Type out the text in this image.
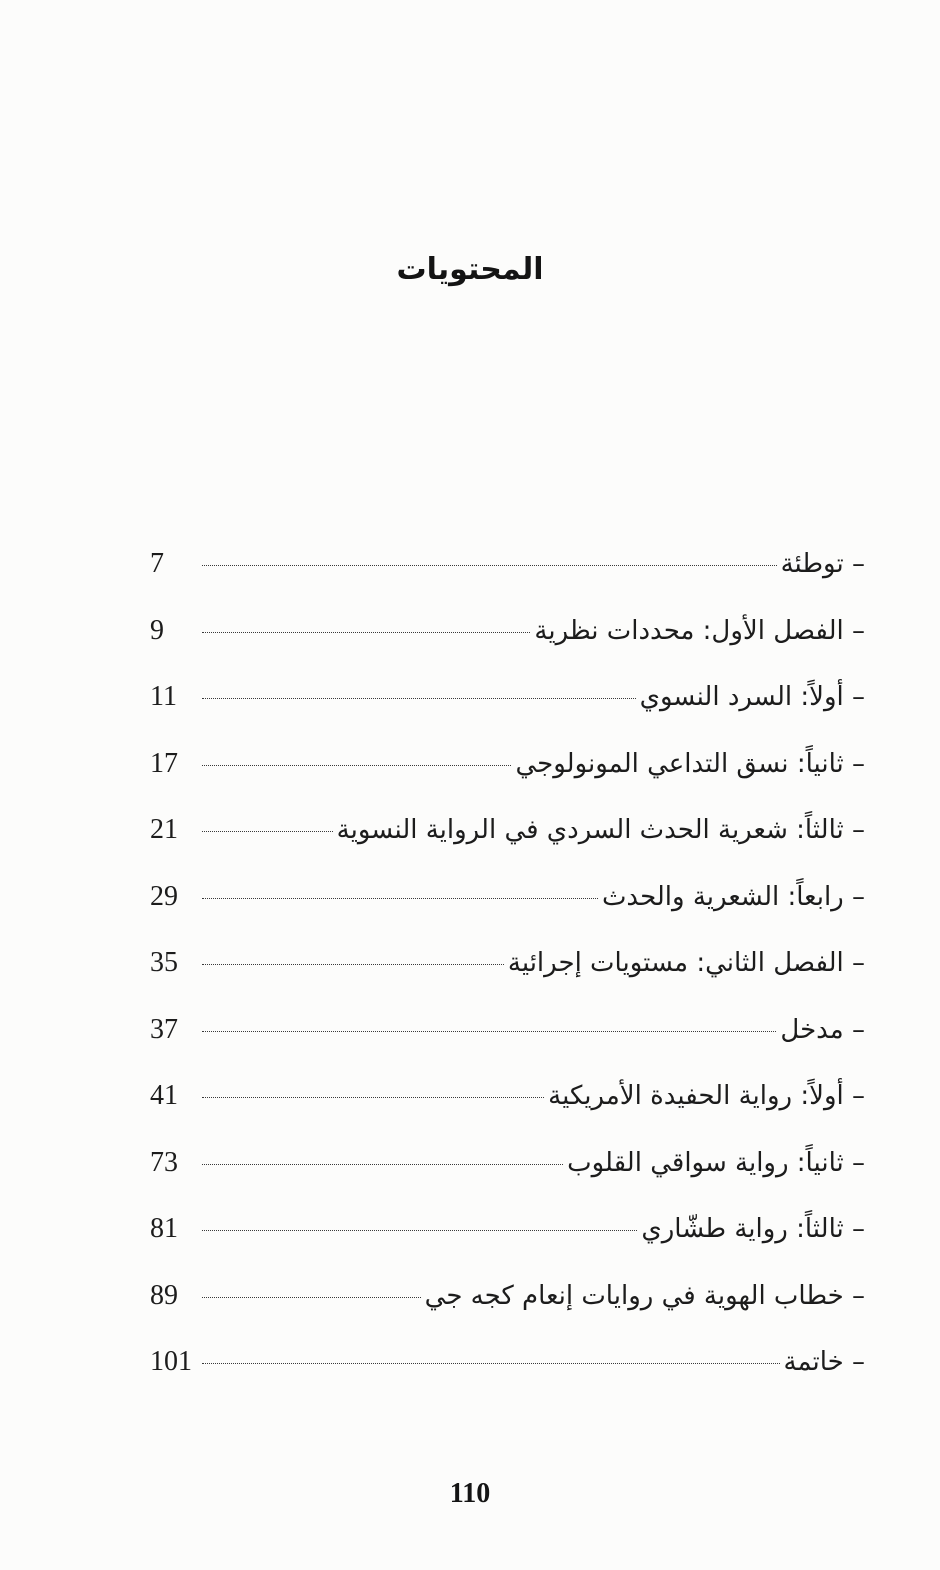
المحتويات
– توطئة
7
– الفصل الأول: محددات نظرية
9
– أولاً: السرد النسوي
11
– ثانياً: نسق التداعي المونولوجي
17
– ثالثاً: شعرية الحدث السردي في الرواية النسوية
21
– رابعاً: الشعرية والحدث
29
– الفصل الثاني: مستويات إجرائية
35
– مدخل
37
– أولاً: رواية الحفيدة الأمريكية
41
– ثانياً: رواية سواقي القلوب
73
– ثالثاً: رواية طشّاري
81
– خطاب الهوية في روايات إنعام كجه جي
89
– خاتمة
101
110
